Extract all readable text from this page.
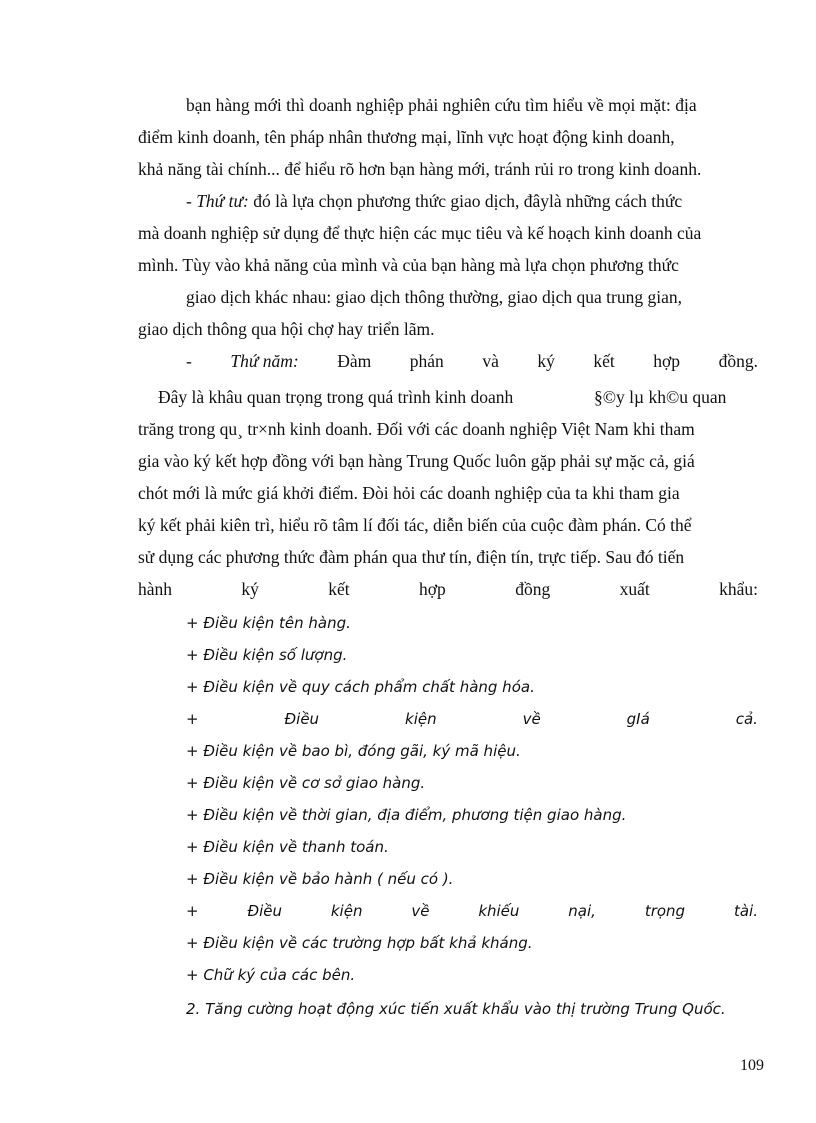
bạn hàng mới thì doanh nghiệp phải nghiên cứu tìm hiểu về mọi mặt: địa
điểm kinh doanh, tên pháp nhân thương mại, lĩnh vực hoạt động kinh doanh,
khả năng tài chính... để hiểu rõ hơn bạn hàng mới, tránh rủi ro trong kinh doanh.
- Thứ tư: đó là lựa chọn phương thức giao dịch, đâylà những cách thức
mà doanh nghiệp sử dụng để thực hiện các mục tiêu và kế hoạch kinh doanh của
mình. Tùy vào khả năng của mình và của bạn hàng mà lựa chọn phương thức
giao dịch khác nhau: giao dịch thông thường, giao dịch qua trung gian,
giao dịch thông qua hội chợ hay triển lãm.
- Thứ năm: Đàm phán và ký kết hợp đồng.
Đây là khâu quan trọng trong quá trình kinh doanh	§©y lµ kh©u quan
trăng trong qu¸ tr×nh kinh doanh. Đối với các doanh nghiệp Việt Nam khi tham
gia vào ký kết hợp đồng với bạn hàng Trung Quốc luôn gặp phải sự mặc cả, giá
chót mới là mức giá khởi điểm. Đòi hỏi các doanh nghiệp của ta khi tham gia
ký kết phải kiên trì, hiểu rõ tâm lí đối tác, diễn biến của cuộc đàm phán. Có thể
sử dụng các phương thức đàm phán qua thư tín, điện tín, trực tiếp. Sau đó tiến
hành	ký	kết	hợp	đồng	xuất	khẩu:
+ Điều kiện tên hàng.
+ Điều kiện số lượng.
+ Điều kiện về quy cách phẩm chất hàng hóa.
+	Điều	kiện	về	gIá	cả.
+ Điều kiện về bao bì, đóng gãi, ký mã hiệu.
+ Điều kiện về cơ sở giao hàng.
+ Điều kiện về thời gian, địa điểm, phương tiện giao hàng.
+ Điều kiện về thanh toán.
+ Điều kiện về bảo hành ( nếu có ).
+	Điều	kiện	về	khiếu	nại,	trọng	tài.
+ Điều kiện về các trường hợp bất khả kháng.
+ Chữ ký của các bên.
2. Tăng cường hoạt động xúc tiến xuất khẩu vào thị trường Trung Quốc.
109
